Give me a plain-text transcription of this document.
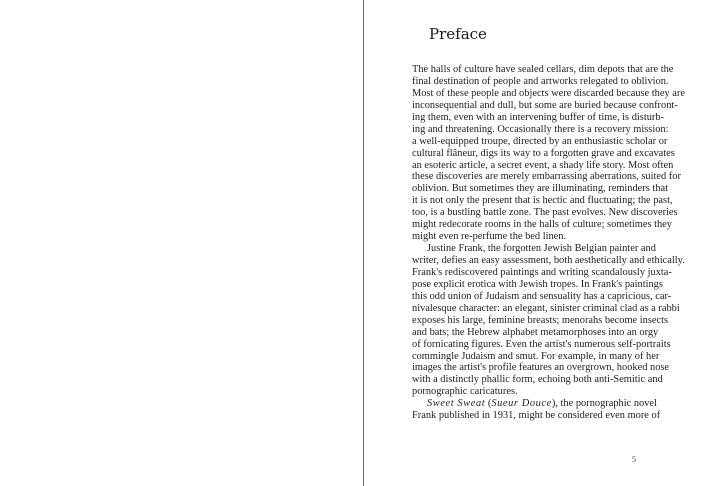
Preface
The halls of culture have sealed cellars, dim depots that are the
final destination of people and artworks relegated to oblivion.
Most of these people and objects were discarded because they are
inconsequential and dull, but some are buried because confront-
ing them, even with an intervening buffer of time, is disturb-
ing and threatening. Occasionally there is a recovery mission:
a well-equipped troupe, directed by an enthusiastic scholar or
cultural flâneur, digs its way to a forgotten grave and excavates
an esoteric article, a secret event, a shady life story. Most often
these discoveries are merely embarrassing aberrations, suited for
oblivion. But sometimes they are illuminating, reminders that
it is not only the present that is hectic and fluctuating; the past,
too, is a bustling battle zone. The past evolves. New discoveries
might redecorate rooms in the halls of culture; sometimes they
might even re-perfume the bed linen.
Justine Frank, the forgotten Jewish Belgian painter and
writer, defies an easy assessment, both aesthetically and ethically.
Frank's rediscovered paintings and writing scandalously juxta-
pose explicit erotica with Jewish tropes. In Frank's paintings
this odd union of Judaism and sensuality has a capricious, car-
nivalesque character: an elegant, sinister criminal clad as a rabbi
exposes his large, feminine breasts; menorahs become insects
and bats; the Hebrew alphabet metamorphoses into an orgy
of fornicating figures. Even the artist's numerous self-portraits
commingle Judaism and smut. For example, in many of her
images the artist's profile features an overgrown, hooked nose
with a distinctly phallic form, echoing both anti-Semitic and
pornographic caricatures.
Sweet Sweat (Sueur Douce), the pornographic novel
Frank published in 1931, might be considered even more of
5
